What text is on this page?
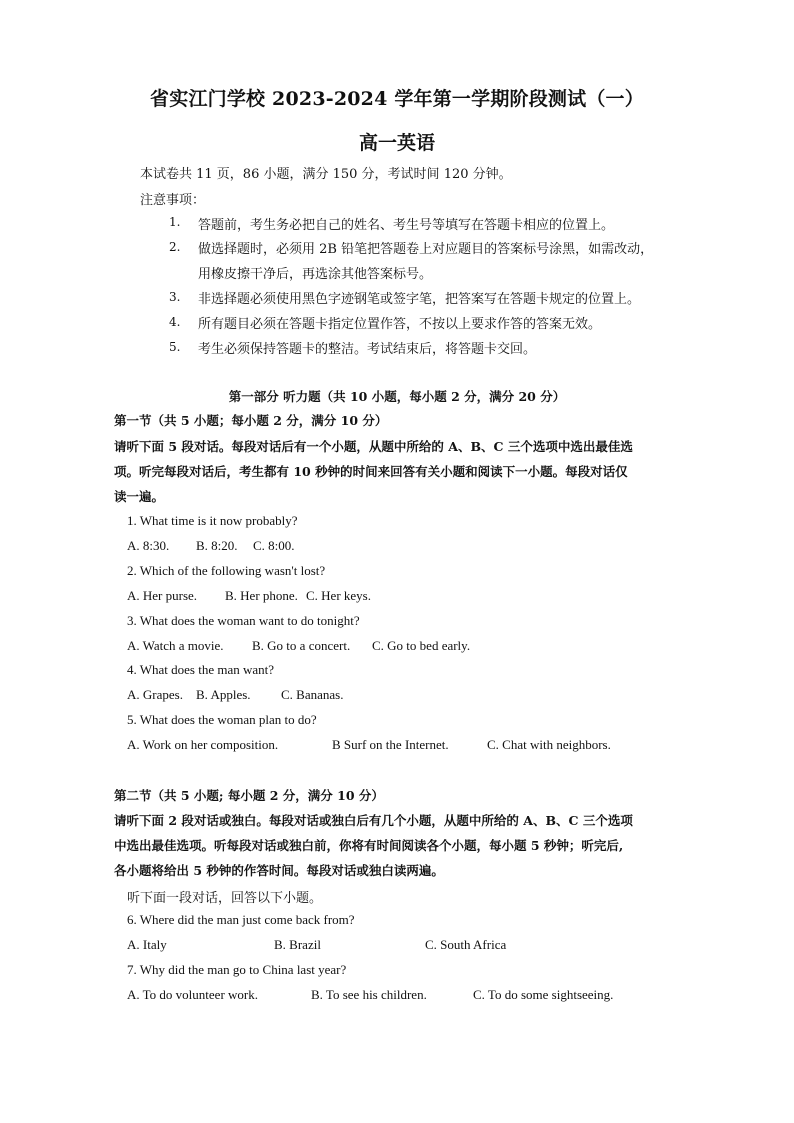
省实江门学校 2023-2024 学年第一学期阶段测试（一）
高一英语
本试卷共 11 页，86 小题，满分 150 分，考试时间 120 分钟。
注意事项：
1. 答题前，考生务必把自己的姓名、考生号等填写在答题卡相应的位置上。
2. 做选择题时，必须用 2B 铅笔把答题卷上对应题目的答案标号涂黑，如需改动，
用橡皮擦干净后，再选涂其他答案标号。
3. 非选择题必须使用黑色字迹钢笔或签字笔，把答案写在答题卡规定的位置上。
4. 所有题目必须在答题卡指定位置作答，不按以上要求作答的答案无效。
5. 考生必须保持答题卡的整洁。考试结束后，将答题卡交回。
第一部分 听力题（共 10 小题，每小题 2 分，满分 20 分）
第一节（共 5 小题；每小题 2 分，满分 10 分）
请听下面 5 段对话。每段对话后有一个小题，从题中所给的 A、B、C 三个选项中选出最佳选
项。听完每段对话后，考生都有 10 秒钟的时间来回答有关小题和阅读下一小题。每段对话仅
读一遍。
1. What time is it now probably?
A. 8:30. B. 8:20. C. 8:00.
2. Which of the following wasn't lost?
A. Her purse. B. Her phone. C. Her keys.
3. What does the woman want to do tonight?
A. Watch a movie. B. Go to a concert. C. Go to bed early.
4. What does the man want?
A. Grapes. B. Apples. C. Bananas.
5. What does the woman plan to do?
A. Work on her composition.	B Surf on the Internet.	C. Chat with neighbors.
第二节（共 5 小题; 每小题 2 分，满分 10 分）
请听下面 2 段对话或独白。每段对话或独白后有几个小题，从题中所给的 A、B、C 三个选项
中选出最佳选项。听每段对话或独白前，你将有时间阅读各个小题，每小题 5 秒钟；听完后,
各小题将给出 5 秒钟的作答时间。每段对话或独白读两遍。
听下面一段对话，回答以下小题。
6. Where did the man just come back from?
A. Italy	B. Brazil	C. South Africa
7. Why did the man go to China last year?
A. To do volunteer work.	B. To see his children.	C. To do some sightseeing.
